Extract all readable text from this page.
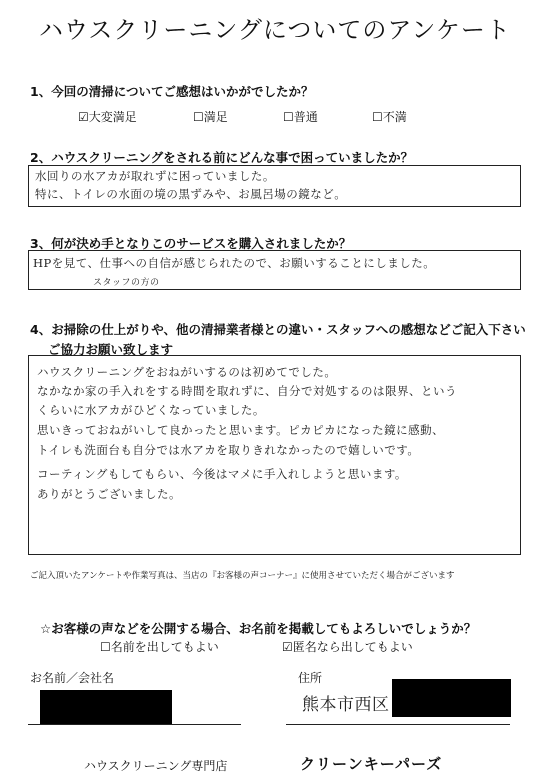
ハウスクリーニングについてのアンケート
1、今回の清掃についてご感想はいかがでしたか？
☑大変満足	☐満足	☐普通	☐不満
2、ハウスクリーニングをされる前にどんな事で困っていましたか？
水回りの水アカが取れずに困っていました。
特に、トイレの水面の境の黒ずみや、お風呂場の鏡など。
3、何が決め手となりこのサービスを購入されましたか？
HPを見て、仕事への自信が感じられたので、お願いすることにしました。
スタッフの方の
4、お掃除の仕上がりや、他の清掃業者様との違い・スタッフへの感想などご記入下さい
ご協力お願い致します
ハウスクリーニングをおねがいするのは初めてでした。
なかなか家の手入れをする時間を取れずに、自分で対処するのは限界、という
くらいに水アカがひどくなっていました。
思いきっておねがいして良かったと思います。ピカピカになった鏡に感動、
トイレも洗面台も自分では水アカを取りきれなかったので嬉しいです。
コーティングもしてもらい、今後はマメに手入れしようと思います。
ありがとうございました。
ご記入頂いたアンケートや作業写真は、当店の『お客様の声コーナー』に使用させていただく場合がございます
☆お客様の声などを公開する場合、お名前を掲載してもよろしいでしょうか？
☐名前を出してもよい	☑匿名なら出してもよい
お名前／会社名	住所
熊本市西区
ハウスクリーニング専門店	クリーンキーパーズ
